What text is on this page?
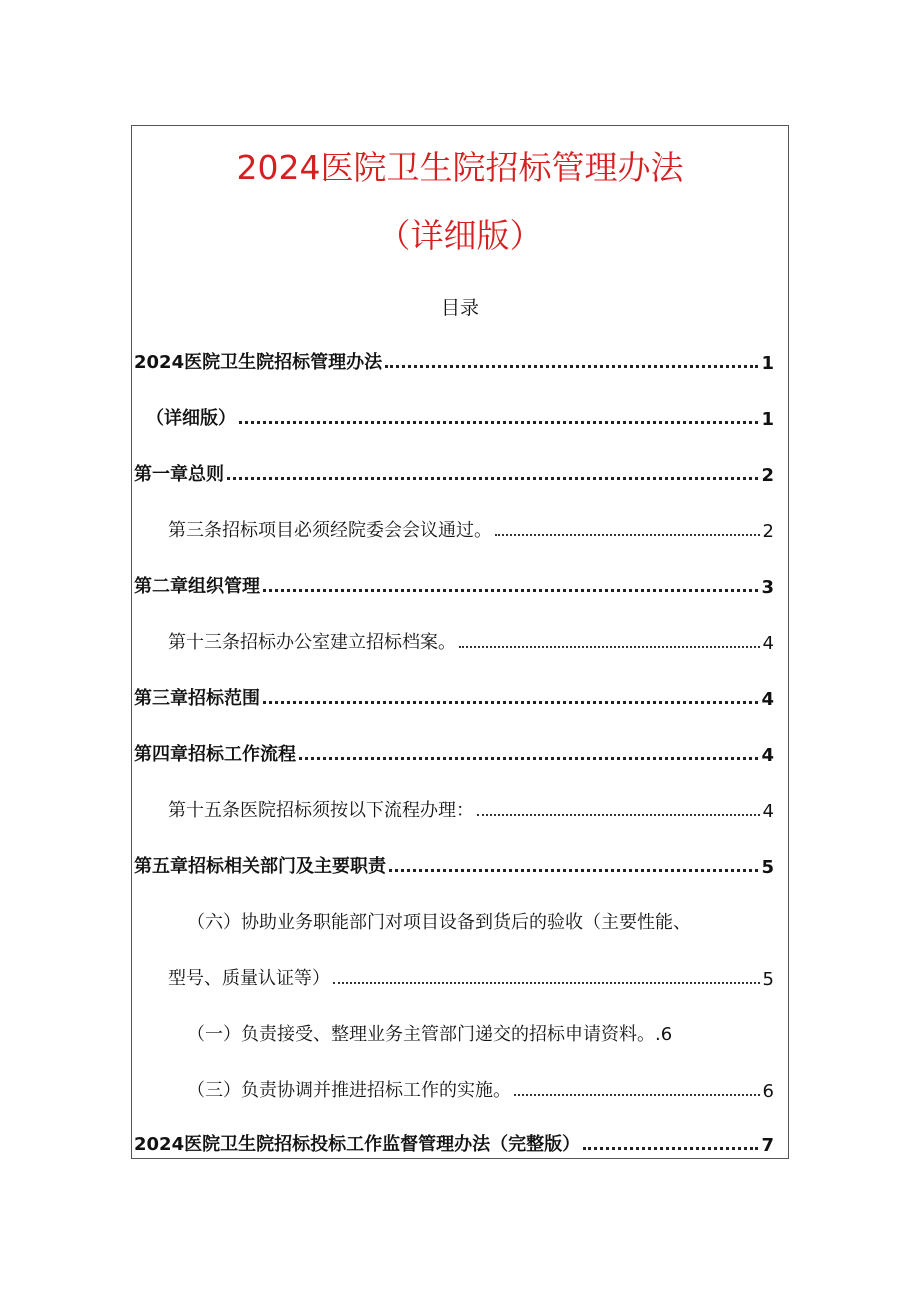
2024医院卫生院招标管理办法
（详细版）
目录
2024医院卫生院招标管理办法	1
（详细版）	1
第一章总则	2
第三条招标项目必须经院委会会议通过。	2
第二章组织管理	3
第十三条招标办公室建立招标档案。	4
第三章招标范围	4
第四章招标工作流程	4
第十五条医院招标须按以下流程办理：	4
第五章招标相关部门及主要职责	5
（六）协助业务职能部门对项目设备到货后的验收（主要性能、
型号、质量认证等）	5
（一）负责接受、整理业务主管部门递交的招标申请资料。.6
（三）负责协调并推进招标工作的实施。	6
2024医院卫生院招标投标工作监督管理办法（完整版）	7
